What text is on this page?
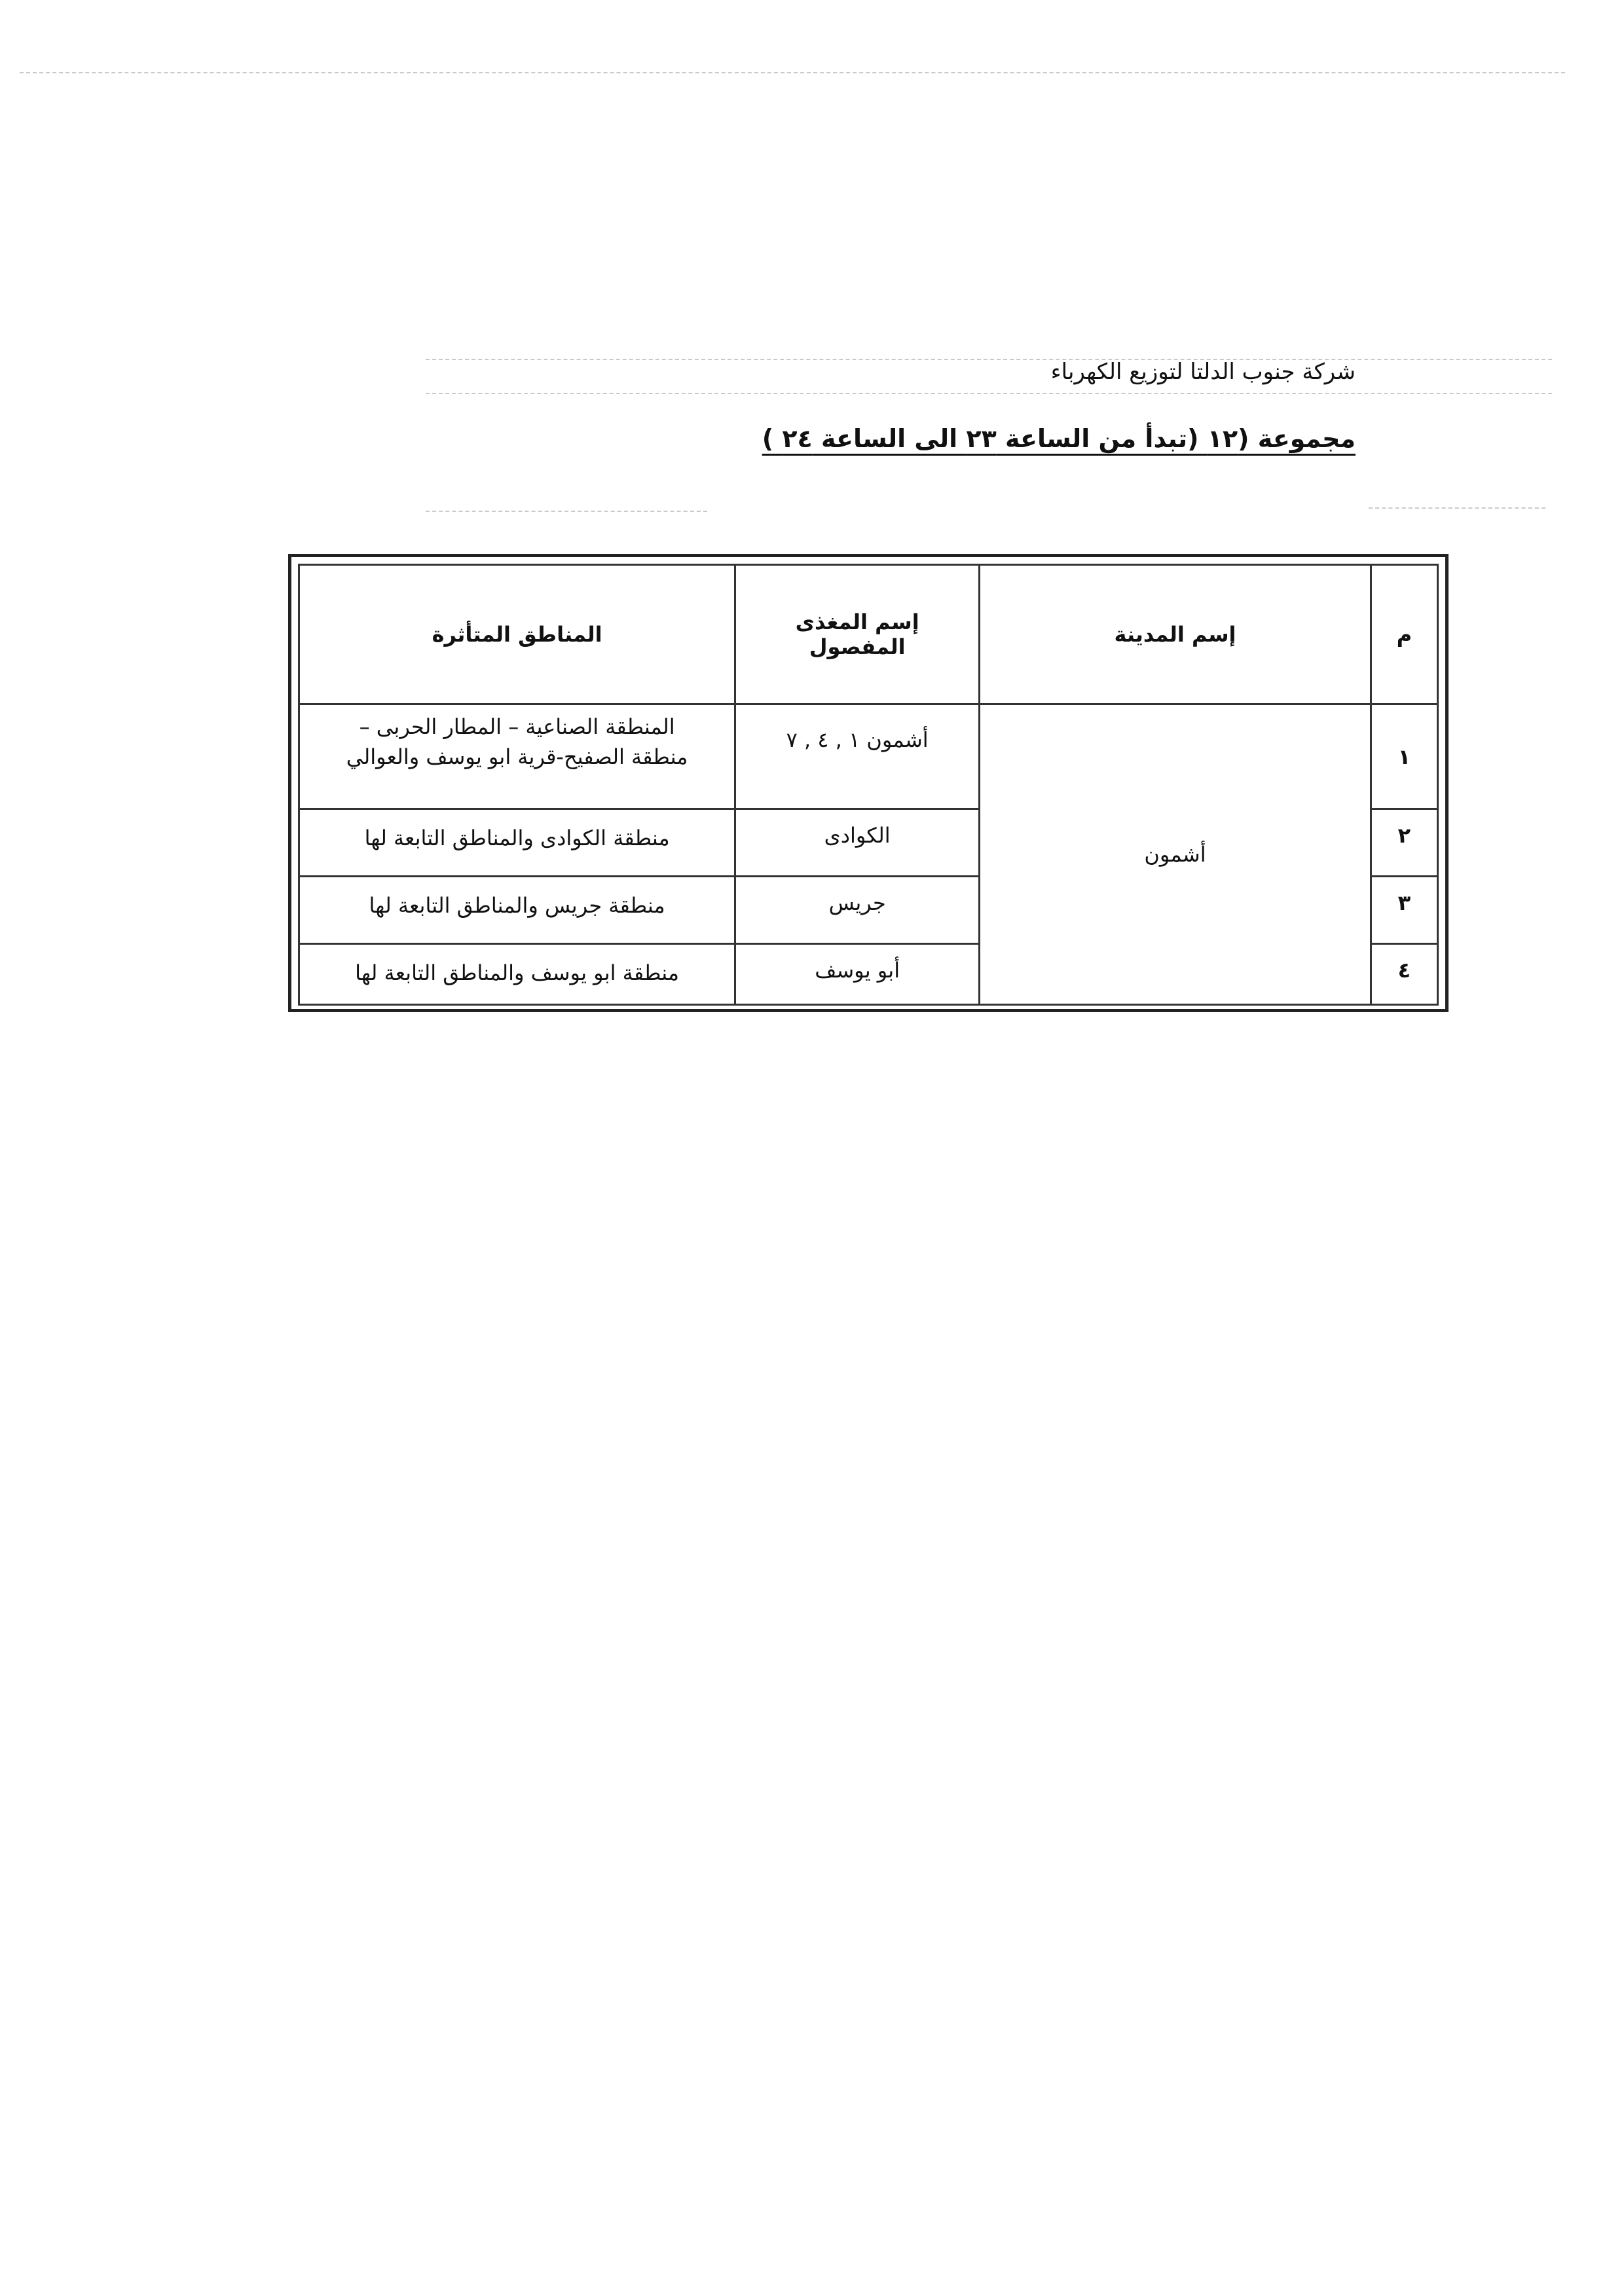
شركة جنوب الدلتا لتوزيع الكهرباء
مجموعة (١٢ (تبدأ من الساعة ٢٣ الى الساعة ٢٤ )
م	إسم المدينة	إسم المغذى المفصول	المناطق المتأثرة
١	أشمون	أشمون ١ , ٤ , ٧	المنطقة الصناعية – المطار الحربى –
منطقة الصفيح-قرية ابو يوسف والعوالي

٢		الكوادى	منطقة الكوادى والمناطق التابعة لها
٣		جريس	منطقة جريس والمناطق التابعة لها
٤		أبو يوسف	منطقة ابو يوسف والمناطق التابعة لها
